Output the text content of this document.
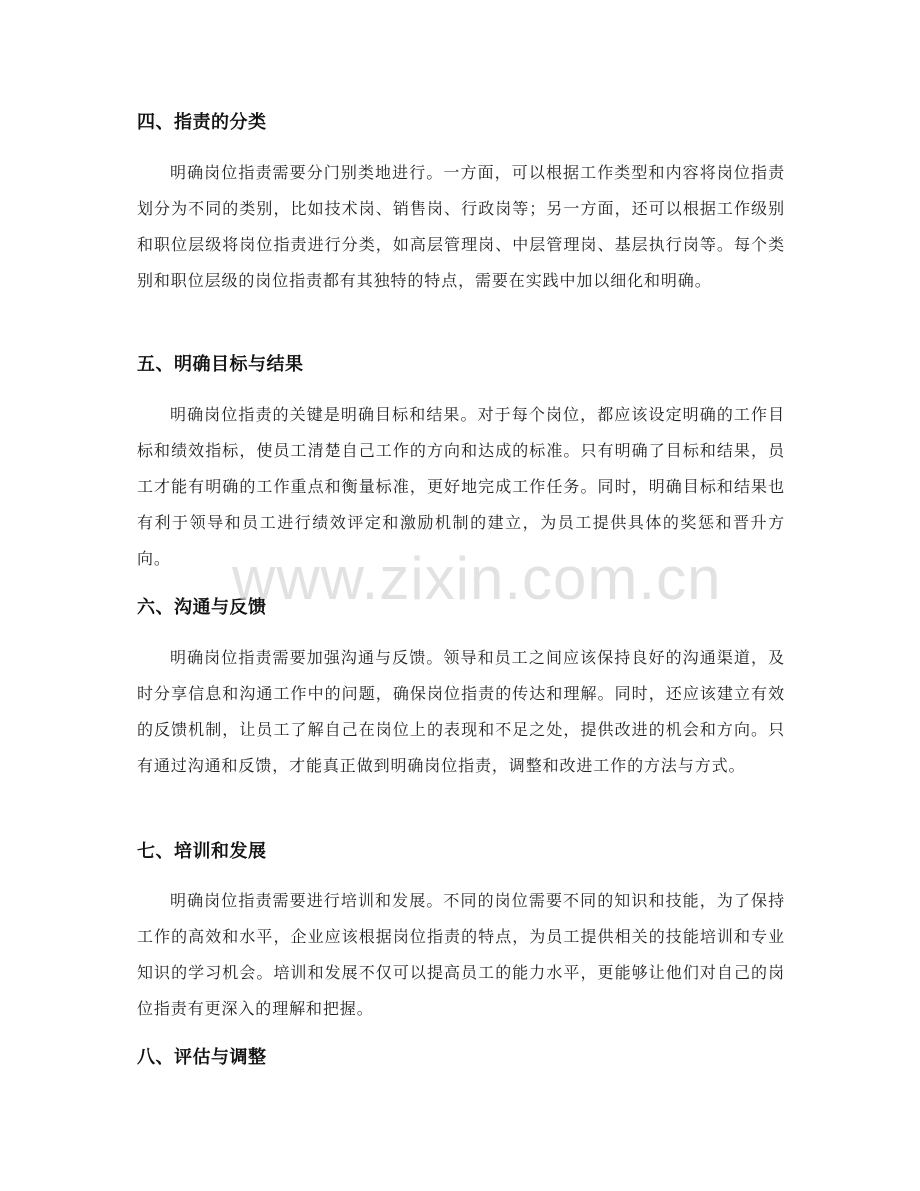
四、指责的分类
明确岗位指责需要分门别类地进行。一方面，可以根据工作类型和内容将岗位指责划分为不同的类别，比如技术岗、销售岗、行政岗等；另一方面，还可以根据工作级别和职位层级将岗位指责进行分类，如高层管理岗、中层管理岗、基层执行岗等。每个类别和职位层级的岗位指责都有其独特的特点，需要在实践中加以细化和明确。
五、明确目标与结果
明确岗位指责的关键是明确目标和结果。对于每个岗位，都应该设定明确的工作目标和绩效指标，使员工清楚自己工作的方向和达成的标准。只有明确了目标和结果，员工才能有明确的工作重点和衡量标准，更好地完成工作任务。同时，明确目标和结果也有利于领导和员工进行绩效评定和激励机制的建立，为员工提供具体的奖惩和晋升方向。
六、沟通与反馈
明确岗位指责需要加强沟通与反馈。领导和员工之间应该保持良好的沟通渠道，及时分享信息和沟通工作中的问题，确保岗位指责的传达和理解。同时，还应该建立有效的反馈机制，让员工了解自己在岗位上的表现和不足之处，提供改进的机会和方向。只有通过沟通和反馈，才能真正做到明确岗位指责，调整和改进工作的方法与方式。
七、培训和发展
明确岗位指责需要进行培训和发展。不同的岗位需要不同的知识和技能，为了保持工作的高效和水平，企业应该根据岗位指责的特点，为员工提供相关的技能培训和专业知识的学习机会。培训和发展不仅可以提高员工的能力水平，更能够让他们对自己的岗位指责有更深入的理解和把握。
八、评估与调整
www.zixin.com.cn
